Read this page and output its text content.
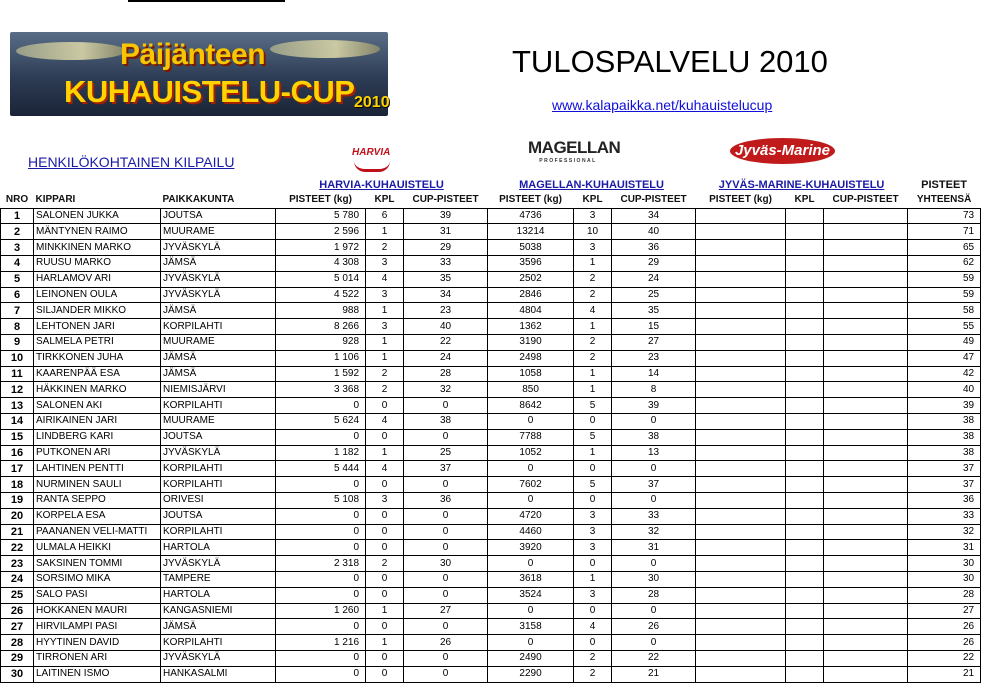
Päijänteen
KUHAUISTELU-CUP 2010
TULOSPALVELU 2010
www.kalapaikka.net/kuhauistelucup
HENKILÖKOHTAINEN KILPAILU
HARVIA	MAGELLAN
PROFESSIONAL
Jyväs-Marine
			HARVIA-KUHAUISTELU			MAGELLAN-KUHAUISTELU			JYVÄS-MARINE-KUHAUISTELU			PISTEET
NRO	KIPPARI	PAIKKAKUNTA	PISTEET (kg)	KPL	CUP-PISTEET	PISTEET (kg)	KPL	CUP-PISTEET	PISTEET (kg)	KPL	CUP-PISTEET	YHTEENSÄ
1	SALONEN JUKKA	JOUTSA	5 780	6	39	4736	3	34				73
2	MÄNTYNEN RAIMO	MUURAME	2 596	1	31	13214	10	40				71
3	MINKKINEN MARKO	JYVÄSKYLÄ	1 972	2	29	5038	3	36				65
4	RUUSU MARKO	JÄMSÄ	4 308	3	33	3596	1	29				62
5	HARLAMOV ARI	JYVÄSKYLÄ	5 014	4	35	2502	2	24				59
6	LEINONEN OULA	JYVÄSKYLÄ	4 522	3	34	2846	2	25				59
7	SILJANDER MIKKO	JÄMSÄ	988	1	23	4804	4	35				58
8	LEHTONEN JARI	KORPILAHTI	8 266	3	40	1362	1	15				55
9	SALMELA PETRI	MUURAME	928	1	22	3190	2	27				49
10	TIRKKONEN JUHA	JÄMSÄ	1 106	1	24	2498	2	23				47
11	KAARENPÄÄ ESA	JÄMSÄ	1 592	2	28	1058	1	14				42
12	HÄKKINEN MARKO	NIEMISJÄRVI	3 368	2	32	850	1	8				40
13	SALONEN AKI	KORPILAHTI	0	0	0	8642	5	39				39
14	AIRIKAINEN JARI	MUURAME	5 624	4	38	0	0	0				38
15	LINDBERG KARI	JOUTSA	0	0	0	7788	5	38				38
16	PUTKONEN ARI	JYVÄSKYLÄ	1 182	1	25	1052	1	13				38
17	LAHTINEN PENTTI	KORPILAHTI	5 444	4	37	0	0	0				37
18	NURMINEN SAULI	KORPILAHTI	0	0	0	7602	5	37				37
19	RANTA SEPPO	ORIVESI	5 108	3	36	0	0	0				36
20	KORPELA ESA	JOUTSA	0	0	0	4720	3	33				33
21	PAANANEN VELI-MATTI	KORPILAHTI	0	0	0	4460	3	32				32
22	ULMALA HEIKKI	HARTOLA	0	0	0	3920	3	31				31
23	SAKSINEN TOMMI	JYVÄSKYLÄ	2 318	2	30	0	0	0				30
24	SORSIMO MIKA	TAMPERE	0	0	0	3618	1	30				30
25	SALO PASI	HARTOLA	0	0	0	3524	3	28				28
26	HOKKANEN MAURI	KANGASNIEMI	1 260	1	27	0	0	0				27
27	HIRVILAMPI PASI	JÄMSÄ	0	0	0	3158	4	26				26
28	HYYTINEN DAVID	KORPILAHTI	1 216	1	26	0	0	0				26
29	TIRRONEN ARI	JYVÄSKYLÄ	0	0	0	2490	2	22				22
30	LAITINEN ISMO	HANKASALMI	0	0	0	2290	2	21				21
